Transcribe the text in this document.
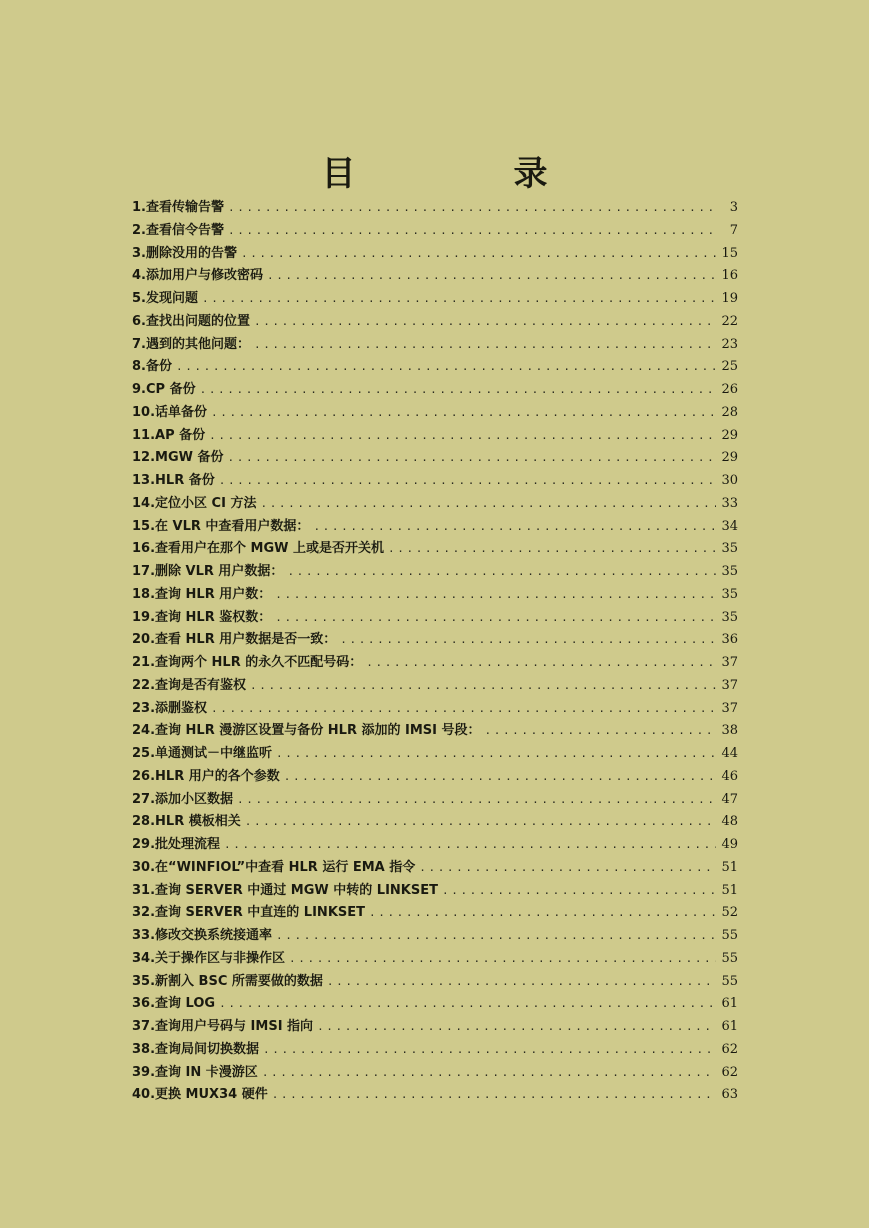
目　录
1.查看传输告警 .....	3
2.查看信令告警 .....	7
3.删除没用的告警 .....	15
4.添加用户与修改密码 .....	16
5.发现问题 .....	19
6.查找出问题的位置 .....	22
7.遇到的其他问题： .....	23
8.备份 .....	25
9.CP 备份 .....	26
10.话单备份 .....	28
11.AP 备份 .....	29
12.MGW 备份 .....	29
13.HLR 备份 .....	30
14.定位小区 CI 方法 .....	33
15.在 VLR 中查看用户数据： .....	34
16.查看用户在那个 MGW 上或是否开关机 .....	35
17.删除 VLR 用户数据： .....	35
18.查询 HLR 用户数： .....	35
19.查询 HLR 鉴权数： .....	35
20.查看 HLR 用户数据是否一致： .....	36
21.查询两个 HLR 的永久不匹配号码： .....	37
22.查询是否有鉴权 .....	37
23.添删鉴权 .....	37
24.查询 HLR 漫游区设置与备份 HLR 添加的 IMSI 号段： .....	38
25.单通测试－中继监听 .....	44
26.HLR 用户的各个参数 .....	46
27.添加小区数据 .....	47
28.HLR 模板相关 .....	48
29.批处理流程 .....	49
30.在“WINFIOL”中查看 HLR 运行 EMA 指令 .....	51
31.查询 SERVER 中通过 MGW 中转的 LINKSET .....	51
32.查询 SERVER 中直连的 LINKSET .....	52
33.修改交换系统接通率 .....	55
34.关于操作区与非操作区 .....	55
35.新割入 BSC 所需要做的数据 .....	55
36.查询 LOG .....	61
37.查询用户号码与 IMSI 指向 .....	61
38.查询局间切换数据 .....	62
39.查询 IN 卡漫游区 .....	62
40.更换 MUX34 硬件 .....	63
